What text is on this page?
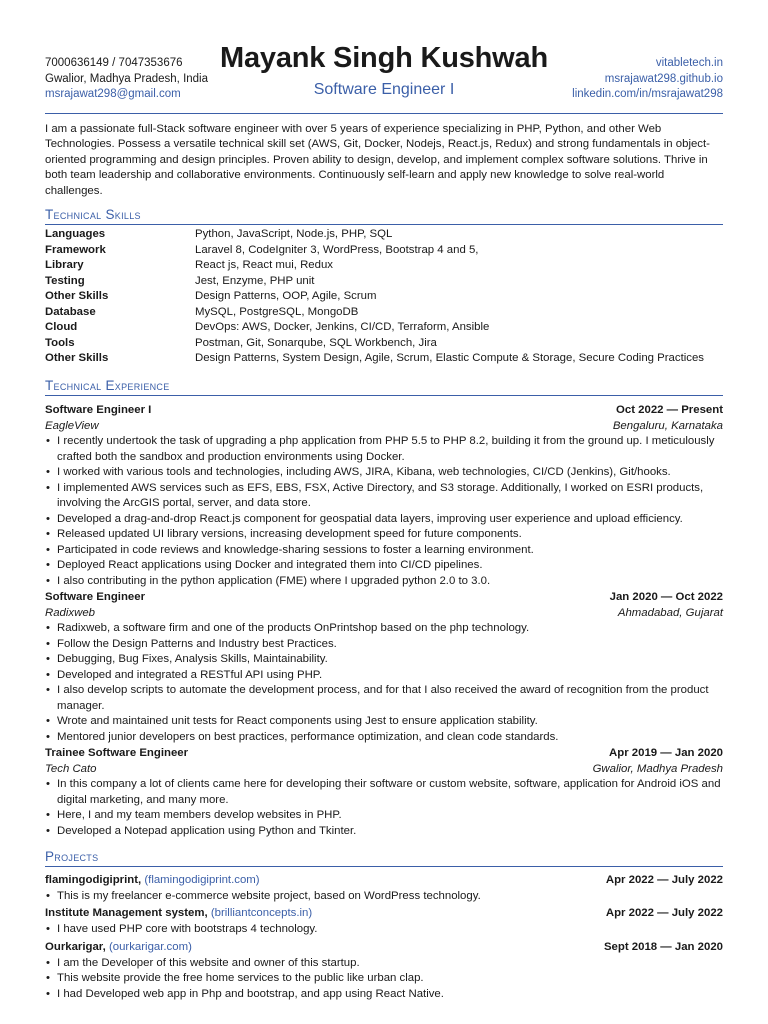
7000636149 / 7047353676
Gwalior, Madhya Pradesh, India
msrajawat298@gmail.com
Mayank Singh Kushwah
Software Engineer I
vitabletech.in
msrajawat298.github.io
linkedin.com/in/msrajawat298
I am a passionate full-Stack software engineer with over 5 years of experience specializing in PHP, Python, and other Web Technologies. Possess a versatile technical skill set (AWS, Git, Docker, Nodejs, React.js, Redux) and strong fundamentals in object-oriented programming and design principles. Proven ability to design, develop, and implement complex software solutions. Thrive in both team leadership and collaborative environments. Continuously self-learn and apply new knowledge to solve real-world challenges.
Technical Skills
Languages	Python, JavaScript, Node.js, PHP, SQL
Framework	Laravel 8, CodeIgniter 3, WordPress, Bootstrap 4 and 5,
Library	React js, React mui, Redux
Testing	Jest, Enzyme, PHP unit
Other Skills	Design Patterns, OOP, Agile, Scrum
Database	MySQL, PostgreSQL, MongoDB
Cloud	DevOps: AWS, Docker, Jenkins, CI/CD, Terraform, Ansible
Tools	Postman, Git, Sonarqube, SQL Workbench, Jira
Other Skills	Design Patterns, System Design, Agile, Scrum, Elastic Compute & Storage, Secure Coding Practices
Technical Experience
Software Engineer I	Oct 2022 — Present
EagleView	Bengaluru, Karnataka
• I recently undertook the task of upgrading a php application from PHP 5.5 to PHP 8.2, building it from the ground up. I meticulously crafted both the sandbox and production environments using Docker.
• I worked with various tools and technologies, including AWS, JIRA, Kibana, web technologies, CI/CD (Jenkins), Git/hooks.
• I implemented AWS services such as EFS, EBS, FSX, Active Directory, and S3 storage. Additionally, I worked on ESRI products, involving the ArcGIS portal, server, and data store.
• Developed a drag-and-drop React.js component for geospatial data layers, improving user experience and upload efficiency.
• Released updated UI library versions, increasing development speed for future components.
• Participated in code reviews and knowledge-sharing sessions to foster a learning environment.
• Deployed React applications using Docker and integrated them into CI/CD pipelines.
• I also contributing in the python application (FME) where I upgraded python 2.0 to 3.0.
Software Engineer	Jan 2020 — Oct 2022
Radixweb	Ahmadabad, Gujarat
• Radixweb, a software firm and one of the products OnPrintshop based on the php technology.
• Follow the Design Patterns and Industry best Practices.
• Debugging, Bug Fixes, Analysis Skills, Maintainability.
• Developed and integrated a RESTful API using PHP.
• I also develop scripts to automate the development process, and for that I also received the award of recognition from the product manager.
• Wrote and maintained unit tests for React components using Jest to ensure application stability.
• Mentored junior developers on best practices, performance optimization, and clean code standards.
Trainee Software Engineer	Apr 2019 — Jan 2020
Tech Cato	Gwalior, Madhya Pradesh
• In this company a lot of clients came here for developing their software or custom website, software, application for Android iOS and digital marketing, and many more.
• Here, I and my team members develop websites in PHP.
• Developed a Notepad application using Python and Tkinter.
Projects
flamingodigiprint, (flamingodigiprint.com)	Apr 2022 — July 2022
• This is my freelancer e-commerce website project, based on WordPress technology.
Institute Management system, (brilliantconcepts.in)	Apr 2022 — July 2022
• I have used PHP core with bootstraps 4 technology.
Ourkarigar, (ourkarigar.com)	Sept 2018 — Jan 2020
• I am the Developer of this website and owner of this startup.
• This website provide the free home services to the public like urban clap.
• I had Developed web app in Php and bootstrap, and app using React Native.
